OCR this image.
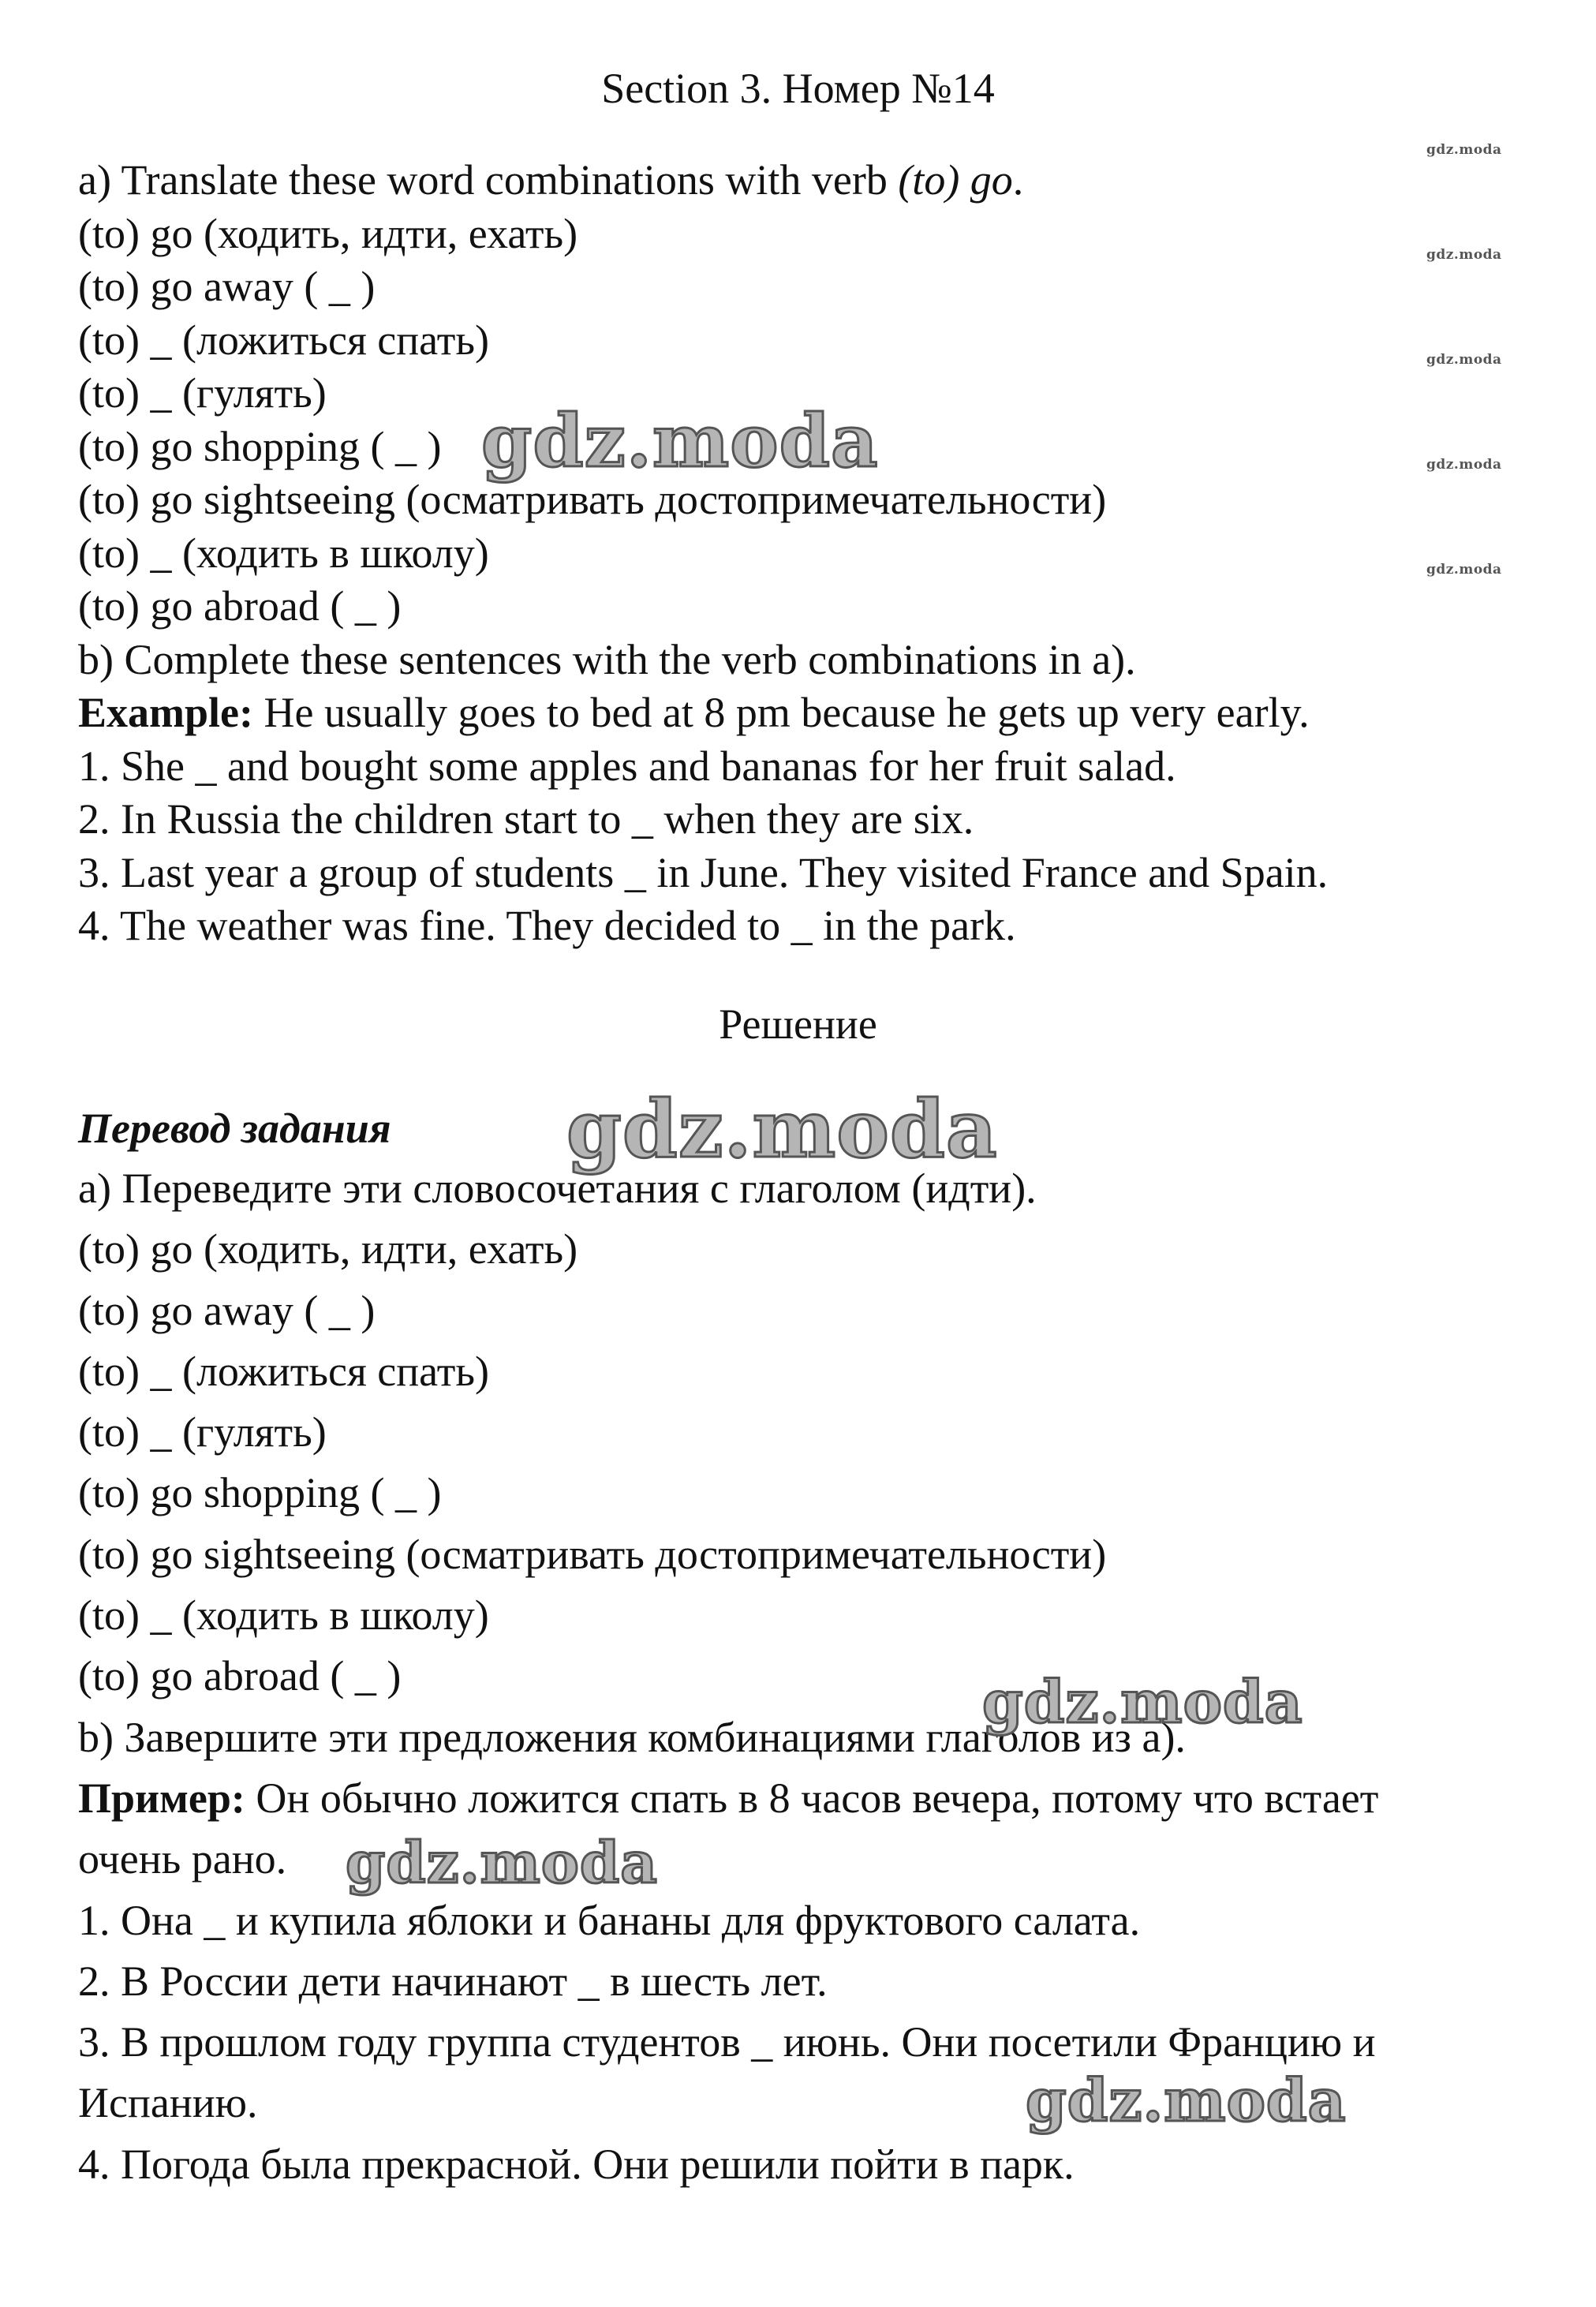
Section 3. Номер №14
a) Translate these word combinations with verb (to) go.
(to) go (ходить, идти, ехать)
(to) go away ( _ )
(to) _ (ложиться спать)
(to) _ (гулять)
(to) go shopping ( _ )
(to) go sightseeing (осматривать достопримечательности)
(to) _ (ходить в школу)
(to) go abroad ( _ )
b) Complete these sentences with the verb combinations in a).
Example: He usually goes to bed at 8 pm because he gets up very early.
1. She _ and bought some apples and bananas for her fruit salad.
2. In Russia the children start to _ when they are six.
3. Last year a group of students _ in June. They visited France and Spain.
4. The weather was fine. They decided to _ in the park.
Решение
Перевод задания
а) Переведите эти словосочетания с глаголом (идти).
(to) go (ходить, идти, ехать)
(to) go away ( _ )
(to) _ (ложиться спать)
(to) _ (гулять)
(to) go shopping ( _ )
(to) go sightseeing (осматривать достопримечательности)
(to) _ (ходить в школу)
(to) go abroad ( _ )
b) Завершите эти предложения комбинациями глаголов из а).
Пример: Он обычно ложится спать в 8 часов вечера, потому что встает
очень рано.
1. Она _ и купила яблоки и бананы для фруктового салата.
2. В России дети начинают _ в шесть лет.
3. В прошлом году группа студентов _ июнь. Они посетили Францию и
Испанию.
4. Погода была прекрасной. Они решили пойти в парк.
gdz.moda
gdz.moda
gdz.moda
gdz.moda
gdz.moda
gdz.moda
gdz.moda
gdz.moda
gdz.moda
gdz.moda
